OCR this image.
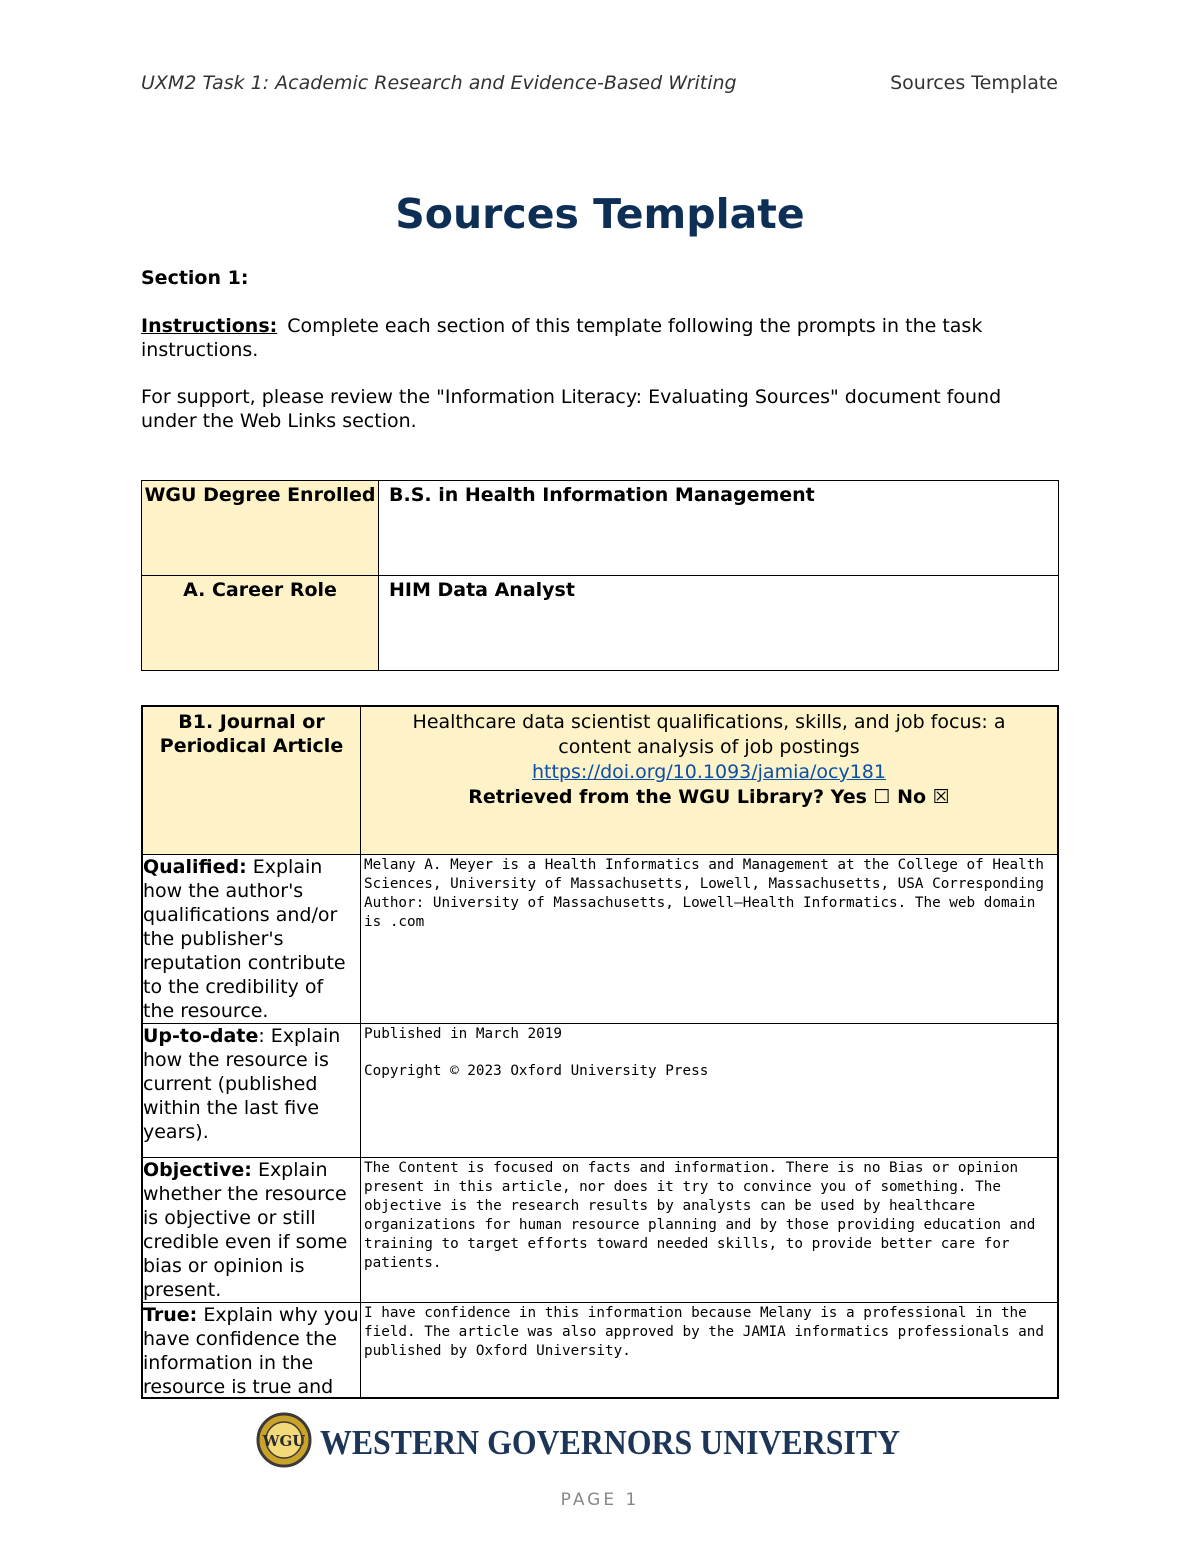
UXM2 Task 1: Academic Research and Evidence-Based Writing	Sources Template
Sources Template
Section 1:
Instructions: Complete each section of this template following the prompts in the task instructions.
For support, please review the "Information Literacy: Evaluating Sources" document found under the Web Links section.
WGU Degree Enrolled	B.S. in Health Information Management
A. Career Role	HIM Data Analyst
B1. Journal or Periodical Article	Healthcare data scientist qualifications, skills, and job focus: a content analysis of job postings
https://doi.org/10.1093/jamia/ocy181
Retrieved from the WGU Library? Yes ☐ No ☒

Qualified: Explain how the author's qualifications and/or the publisher's reputation contribute to the credibility of the resource.	Melany A. Meyer is a Health Informatics and Management at the College of Health Sciences, University of Massachusetts, Lowell, Massachusetts, USA Corresponding Author: University of Massachusetts, Lowell—Health Informatics. The web domain is .com
Up-to-date: Explain how the resource is current (published within the last five years).	Published in March 2019

Copyright © 2023 Oxford University Press

Objective: Explain whether the resource is objective or still credible even if some bias or opinion is present.	The Content is focused on facts and information. There is no Bias or opinion present in this article, nor does it try to convince you of something. The objective is the research results by analysts can be used by healthcare organizations for human resource planning and by those providing education and training to target efforts toward needed skills, to provide better care for patients.

True: Explain why you have confidence the information in the resource is true and	I have confidence in this information because Melany is a professional in the field. The article was also approved by the JAMIA informatics professionals and published by Oxford University.
WGU WESTERN GOVERNORS UNIVERSITY
PAGE 1
